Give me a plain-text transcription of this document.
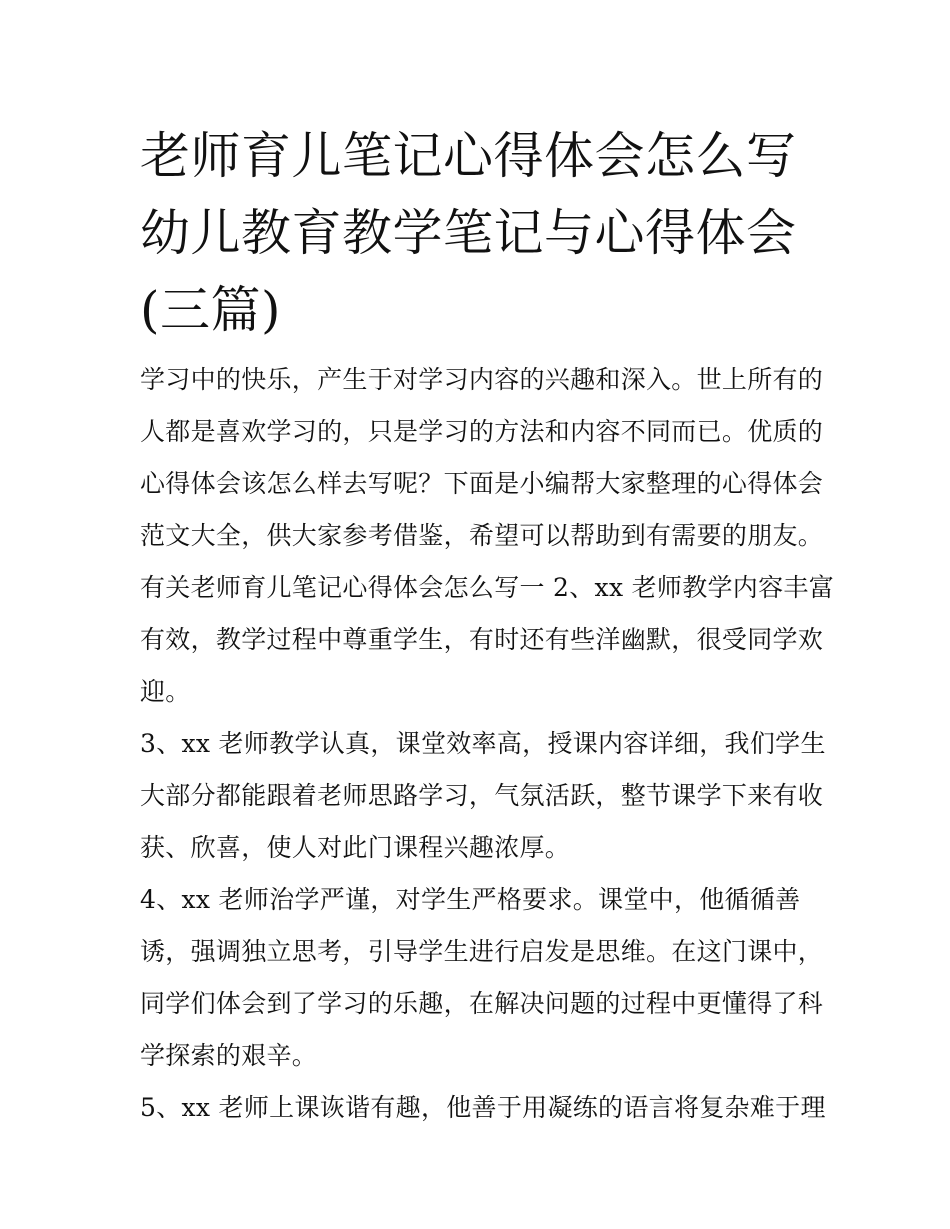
老师育儿笔记心得体会怎么写
幼儿教育教学笔记与心得体会
(三篇)
学习中的快乐，产生于对学习内容的兴趣和深入。世上所有的
人都是喜欢学习的，只是学习的方法和内容不同而已。优质的
心得体会该怎么样去写呢？下面是小编帮大家整理的心得体会
范文大全，供大家参考借鉴，希望可以帮助到有需要的朋友。
有关老师育儿笔记心得体会怎么写一 2、xx 老师教学内容丰富
有效，教学过程中尊重学生，有时还有些洋幽默，很受同学欢
迎。
3、xx 老师教学认真，课堂效率高，授课内容详细，我们学生
大部分都能跟着老师思路学习，气氛活跃，整节课学下来有收
获、欣喜，使人对此门课程兴趣浓厚。
4、xx 老师治学严谨，对学生严格要求。课堂中，他循循善
诱，强调独立思考，引导学生进行启发是思维。在这门课中，
同学们体会到了学习的乐趣，在解决问题的过程中更懂得了科
学探索的艰辛。
5、xx 老师上课诙谐有趣，他善于用凝练的语言将复杂难于理
